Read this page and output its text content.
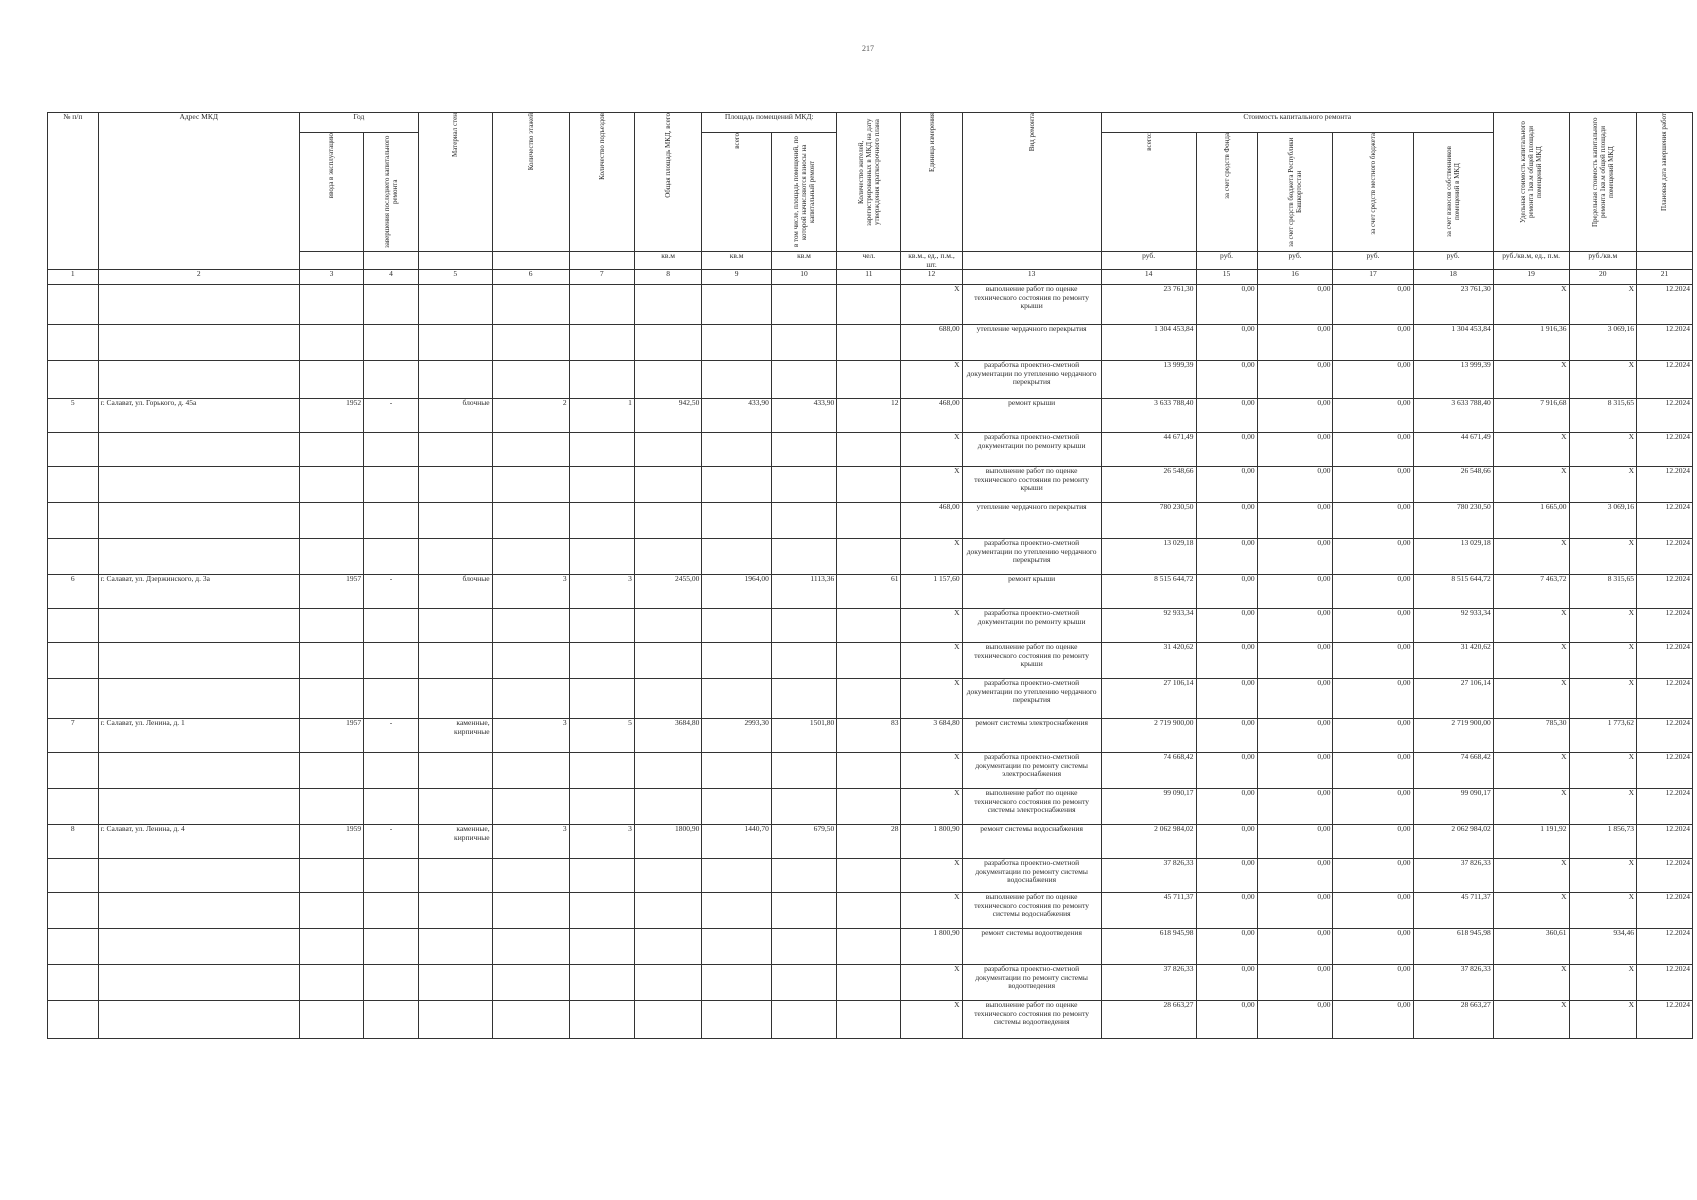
217
№ п/п	Адрес МКД	Год		Материал стен	Количество этажей	Количество подъездов	Общая площадь МКД, всего	Площадь помещений МКД:		Количество жителей, зарегистрированных в МКД на дату утверждения краткосрочного плана	Единица измерения	Вид ремонта	Стоимость капитального ремонта					Удельная стоимость капитального ремонта 1кв.м общей площади помещений МКД	Предельная стоимость капитального ремонта 1кв.м общей площади помещений МКД	Плановая дата завершения работ

		ввода в эксплуатацию	завершения последнего капитального ремонта					всего	в том числе, площадь помещений, по которой начисляются взносы на капитальный ремонт				всего:	за счет средств Фонда	за счет средств бюджета Республики Башкортостан	за счет средств местного бюджета	за счет взносов собственников помещений в МКД			

							кв.м	кв.м	кв.м	чел.	кв.м., ед., п.м., шт.		руб.	руб.	руб.	руб.	руб.	руб./кв.м, ед., п.м.	руб./кв.м	
1	2	3	4	5	6	7	8	9	10	11	12	13	14	15	16	17	18	19	20	21
											X	выполнение работ по оценке технического состояния по ремонту крыши	23 761,30	0,00	0,00	0,00	23 761,30	X	X	12.2024
											688,00	утепление чердачного перекрытия	1 304 453,84	0,00	0,00	0,00	1 304 453,84	1 916,36	3 069,16	12.2024
											X	разработка проектно-сметной документации по утеплению чердачного перекрытия	13 999,39	0,00	0,00	0,00	13 999,39	X	X	12.2024
5	г. Салават, ул. Горького, д. 45а	1952	-	блочные	2	1	942,50	433,90	433,90	12	468,00	ремонт крыши	3 633 788,40	0,00	0,00	0,00	3 633 788,40	7 916,68	8 315,65	12.2024
											X	разработка проектно-сметной документации по ремонту крыши	44 671,49	0,00	0,00	0,00	44 671,49	X	X	12.2024
											X	выполнение работ по оценке технического состояния по ремонту крыши	26 548,66	0,00	0,00	0,00	26 548,66	X	X	12.2024
											468,00	утепление чердачного перекрытия	780 230,50	0,00	0,00	0,00	780 230,50	1 665,00	3 069,16	12.2024
											X	разработка проектно-сметной документации по утеплению чердачного перекрытия	13 029,18	0,00	0,00	0,00	13 029,18	X	X	12.2024
6	г. Салават, ул. Дзержинского, д. 3а	1957	-	блочные	3	3	2455,00	1964,00	1113,36	61	1 157,60	ремонт крыши	8 515 644,72	0,00	0,00	0,00	8 515 644,72	7 463,72	8 315,65	12.2024
											X	разработка проектно-сметной документации по ремонту крыши	92 933,34	0,00	0,00	0,00	92 933,34	X	X	12.2024
											X	выполнение работ по оценке технического состояния по ремонту крыши	31 420,62	0,00	0,00	0,00	31 420,62	X	X	12.2024
											X	разработка проектно-сметной документации по утеплению чердачного перекрытия	27 106,14	0,00	0,00	0,00	27 106,14	X	X	12.2024
7	г. Салават, ул. Ленина, д. 1	1957	-	каменные, кирпичные	3	5	3684,80	2993,30	1501,80	83	3 684,80	ремонт системы электроснабжения	2 719 900,00	0,00	0,00	0,00	2 719 900,00	785,30	1 773,62	12.2024
											X	разработка проектно-сметной документации по ремонту системы электроснабжения	74 668,42	0,00	0,00	0,00	74 668,42	X	X	12.2024
											X	выполнение работ по оценке технического состояния по ремонту системы электроснабжения	99 090,17	0,00	0,00	0,00	99 090,17	X	X	12.2024
8	г. Салават, ул. Ленина, д. 4	1959	-	каменные, кирпичные	3	3	1800,90	1440,70	679,50	28	1 800,90	ремонт системы водоснабжения	2 062 984,02	0,00	0,00	0,00	2 062 984,02	1 191,92	1 856,73	12.2024
											X	разработка проектно-сметной документации по ремонту системы водоснабжения	37 826,33	0,00	0,00	0,00	37 826,33	X	X	12.2024
											X	выполнение работ по оценке технического состояния по ремонту системы водоснабжения	45 711,37	0,00	0,00	0,00	45 711,37	X	X	12.2024
											1 800,90	ремонт системы водоотведения	618 945,98	0,00	0,00	0,00	618 945,98	360,61	934,46	12.2024
											X	разработка проектно-сметной документации по ремонту системы водоотведения	37 826,33	0,00	0,00	0,00	37 826,33	X	X	12.2024
											X	выполнение работ по оценке технического состояния по ремонту системы водоотведения	28 663,27	0,00	0,00	0,00	28 663,27	X	X	12.2024
